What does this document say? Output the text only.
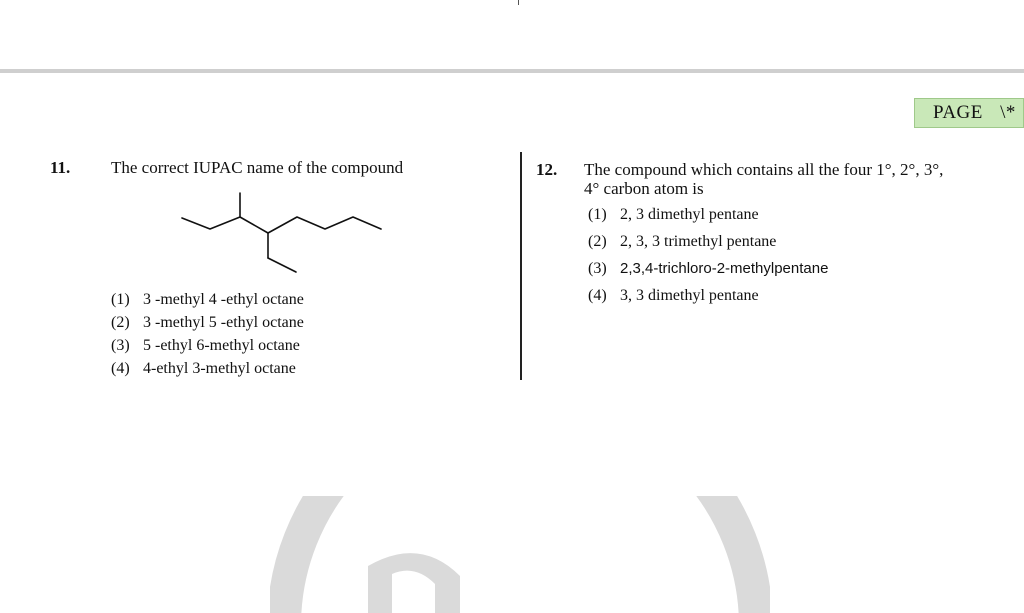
PAGE \*
11. The correct IUPAC name of the compound
(1) 3 -methyl 4 -ethyl octane
(2) 3 -methyl 5 -ethyl octane
(3) 5 -ethyl 6-methyl octane
(4) 4-ethyl 3-methyl octane
12. The compound which contains all the four 1°, 2°, 3°,
4° carbon atom is
(1) 2, 3 dimethyl pentane
(2) 2, 3, 3 trimethyl pentane
(3) 2,3,4-trichloro-2-methylpentane
(4) 3, 3 dimethyl pentane
